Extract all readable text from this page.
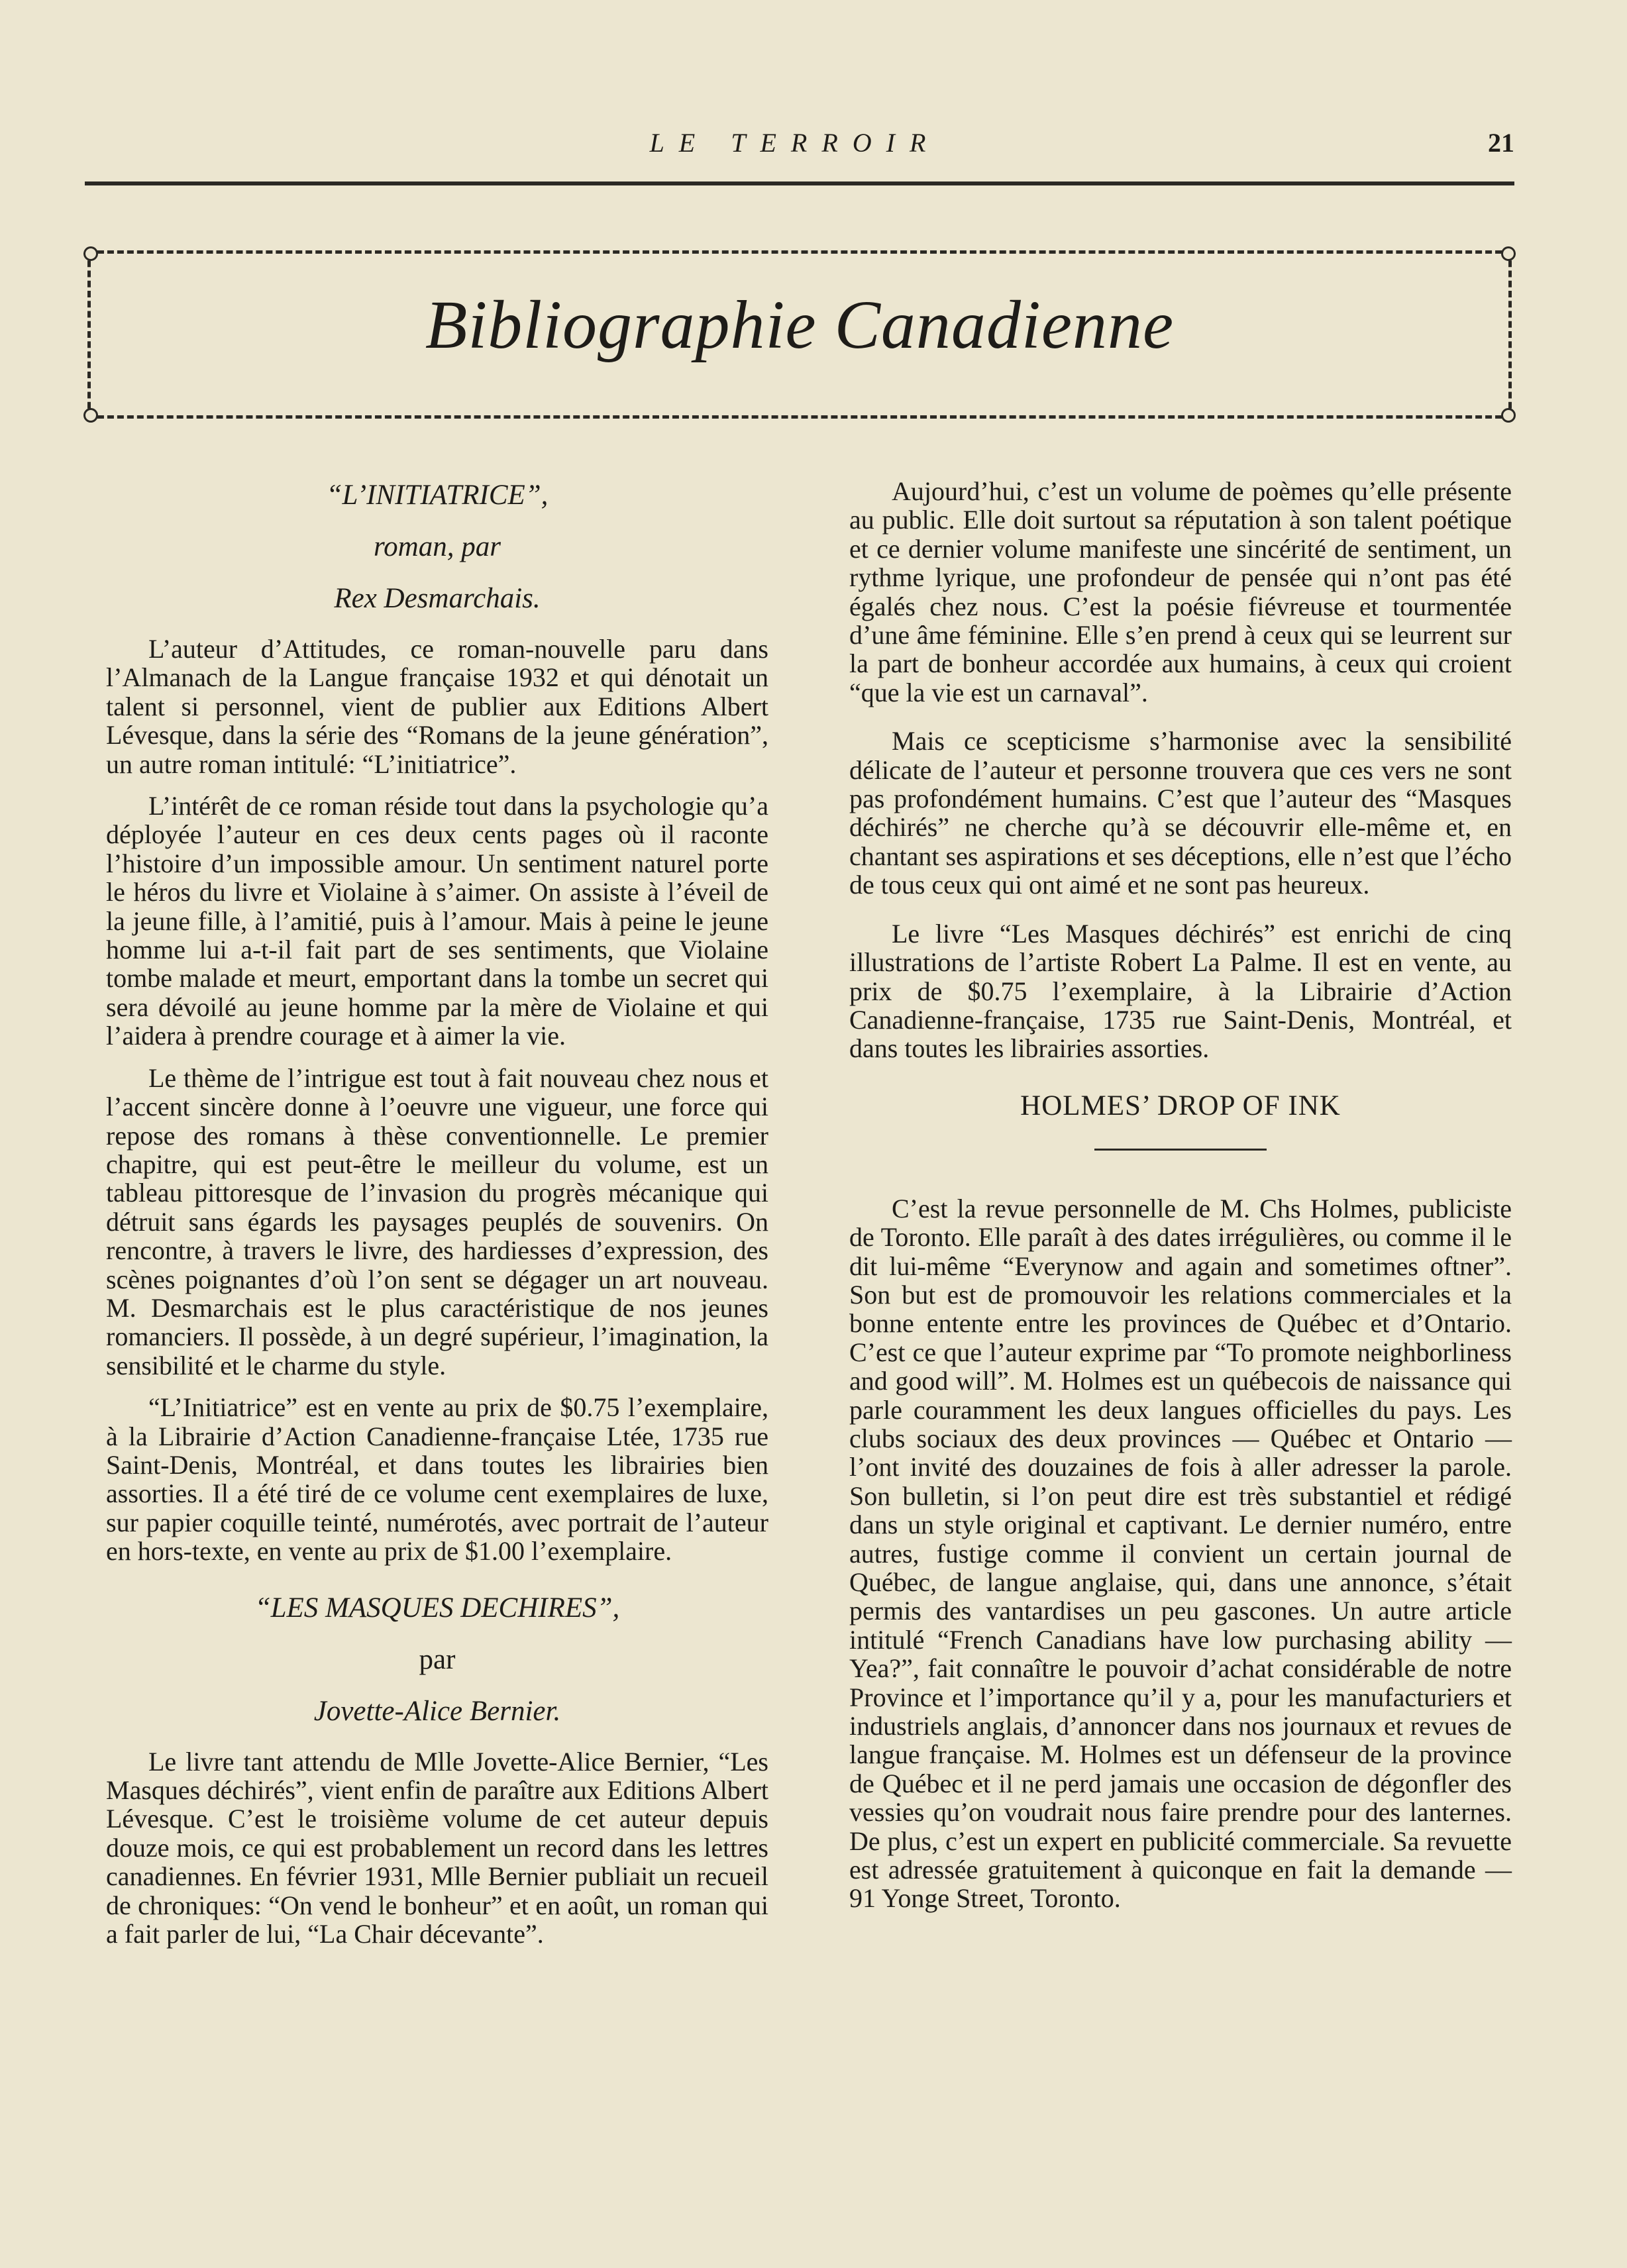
LE TERROIR	21
Bibliographie Canadienne
“L’INITIATRICE”,
roman, par
Rex Desmarchais.

L’auteur d’Attitudes, ce roman-nouvelle paru dans l’Almanach de la Langue française 1932 et qui dénotait un talent si personnel, vient de publier aux Editions Albert Lévesque, dans la série des “Romans de la jeune génération”, un autre roman intitulé: “L’initiatrice”.

L’intérêt de ce roman réside tout dans la psychologie qu’a déployée l’auteur en ces deux cents pages où il raconte l’histoire d’un impossible amour. Un sentiment naturel porte le héros du livre et Violaine à s’aimer. On assiste à l’éveil de la jeune fille, à l’amitié, puis à l’amour. Mais à peine le jeune homme lui a-t-il fait part de ses sentiments, que Violaine tombe malade et meurt, emportant dans la tombe un secret qui sera dévoilé au jeune homme par la mère de Violaine et qui l’aidera à prendre courage et à aimer la vie.

Le thème de l’intrigue est tout à fait nouveau chez nous et l’accent sincère donne à l’oeuvre une vigueur, une force qui repose des romans à thèse conventionnelle. Le premier chapitre, qui est peut-être le meilleur du volume, est un tableau pittoresque de l’invasion du progrès mécanique qui détruit sans égards les paysages peuplés de souvenirs. On rencontre, à travers le livre, des hardiesses d’expression, des scènes poignantes d’où l’on sent se dégager un art nouveau. M. Desmarchais est le plus caractéristique de nos jeunes romanciers. Il possède, à un degré supérieur, l’imagination, la sensibilité et le charme du style.

“L’Initiatrice” est en vente au prix de $0.75 l’exemplaire, à la Librairie d’Action Canadienne-française Ltée, 1735 rue Saint-Denis, Montréal, et dans toutes les librairies bien assorties. Il a été tiré de ce volume cent exemplaires de luxe, sur papier coquille teinté, numérotés, avec portrait de l’auteur en hors-texte, en vente au prix de $1.00 l’exemplaire.

“LES MASQUES DECHIRES”,
par
Jovette-Alice Bernier.

Le livre tant attendu de Mlle Jovette-Alice Bernier, “Les Masques déchirés”, vient enfin de paraître aux Editions Albert Lévesque. C’est le troisième volume de cet auteur depuis douze mois, ce qui est probablement un record dans les lettres canadiennes. En février 1931, Mlle Bernier publiait un recueil de chroniques: “On vend le bonheur” et en août, un roman qui a fait parler de lui, “La Chair décevante”.

Aujourd’hui, c’est un volume de poèmes qu’elle présente au public. Elle doit surtout sa réputation à son talent poétique et ce dernier volume manifeste une sincérité de sentiment, un rythme lyrique, une profondeur de pensée qui n’ont pas été égalés chez nous. C’est la poésie fiévreuse et tourmentée d’une âme féminine. Elle s’en prend à ceux qui se leurrent sur la part de bonheur accordée aux humains, à ceux qui croient “que la vie est un carnaval”.

Mais ce scepticisme s’harmonise avec la sensibilité délicate de l’auteur et personne trouvera que ces vers ne sont pas profondément humains. C’est que l’auteur des “Masques déchirés” ne cherche qu’à se découvrir elle-même et, en chantant ses aspirations et ses déceptions, elle n’est que l’écho de tous ceux qui ont aimé et ne sont pas heureux.

Le livre “Les Masques déchirés” est enrichi de cinq illustrations de l’artiste Robert La Palme. Il est en vente, au prix de $0.75 l’exemplaire, à la Librairie d’Action Canadienne-française, 1735 rue Saint-Denis, Montréal, et dans toutes les librairies assorties.

HOLMES’ DROP OF INK

C’est la revue personnelle de M. Chs Holmes, publiciste de Toronto. Elle paraît à des dates irrégulières, ou comme il le dit lui-même “Everynow and again and sometimes oftner”. Son but est de promouvoir les relations commerciales et la bonne entente entre les provinces de Québec et d’Ontario. C’est ce que l’auteur exprime par “To promote neighborliness and good will”. M. Holmes est un québecois de naissance qui parle couramment les deux langues officielles du pays. Les clubs sociaux des deux provinces — Québec et Ontario — l’ont invité des douzaines de fois à aller adresser la parole. Son bulletin, si l’on peut dire est très substantiel et rédigé dans un style original et captivant. Le dernier numéro, entre autres, fustige comme il convient un certain journal de Québec, de langue anglaise, qui, dans une annonce, s’était permis des vantardises un peu gascones. Un autre article intitulé “French Canadians have low purchasing ability — Yea?”, fait connaître le pouvoir d’achat considérable de notre Province et l’importance qu’il y a, pour les manufacturiers et industriels anglais, d’annoncer dans nos journaux et revues de langue française. M. Holmes est un défenseur de la province de Québec et il ne perd jamais une occasion de dégonfler des vessies qu’on voudrait nous faire prendre pour des lanternes. De plus, c’est un expert en publicité commerciale. Sa revuette est adressée gratuitement à quiconque en fait la demande — 91 Yonge Street, Toronto.
